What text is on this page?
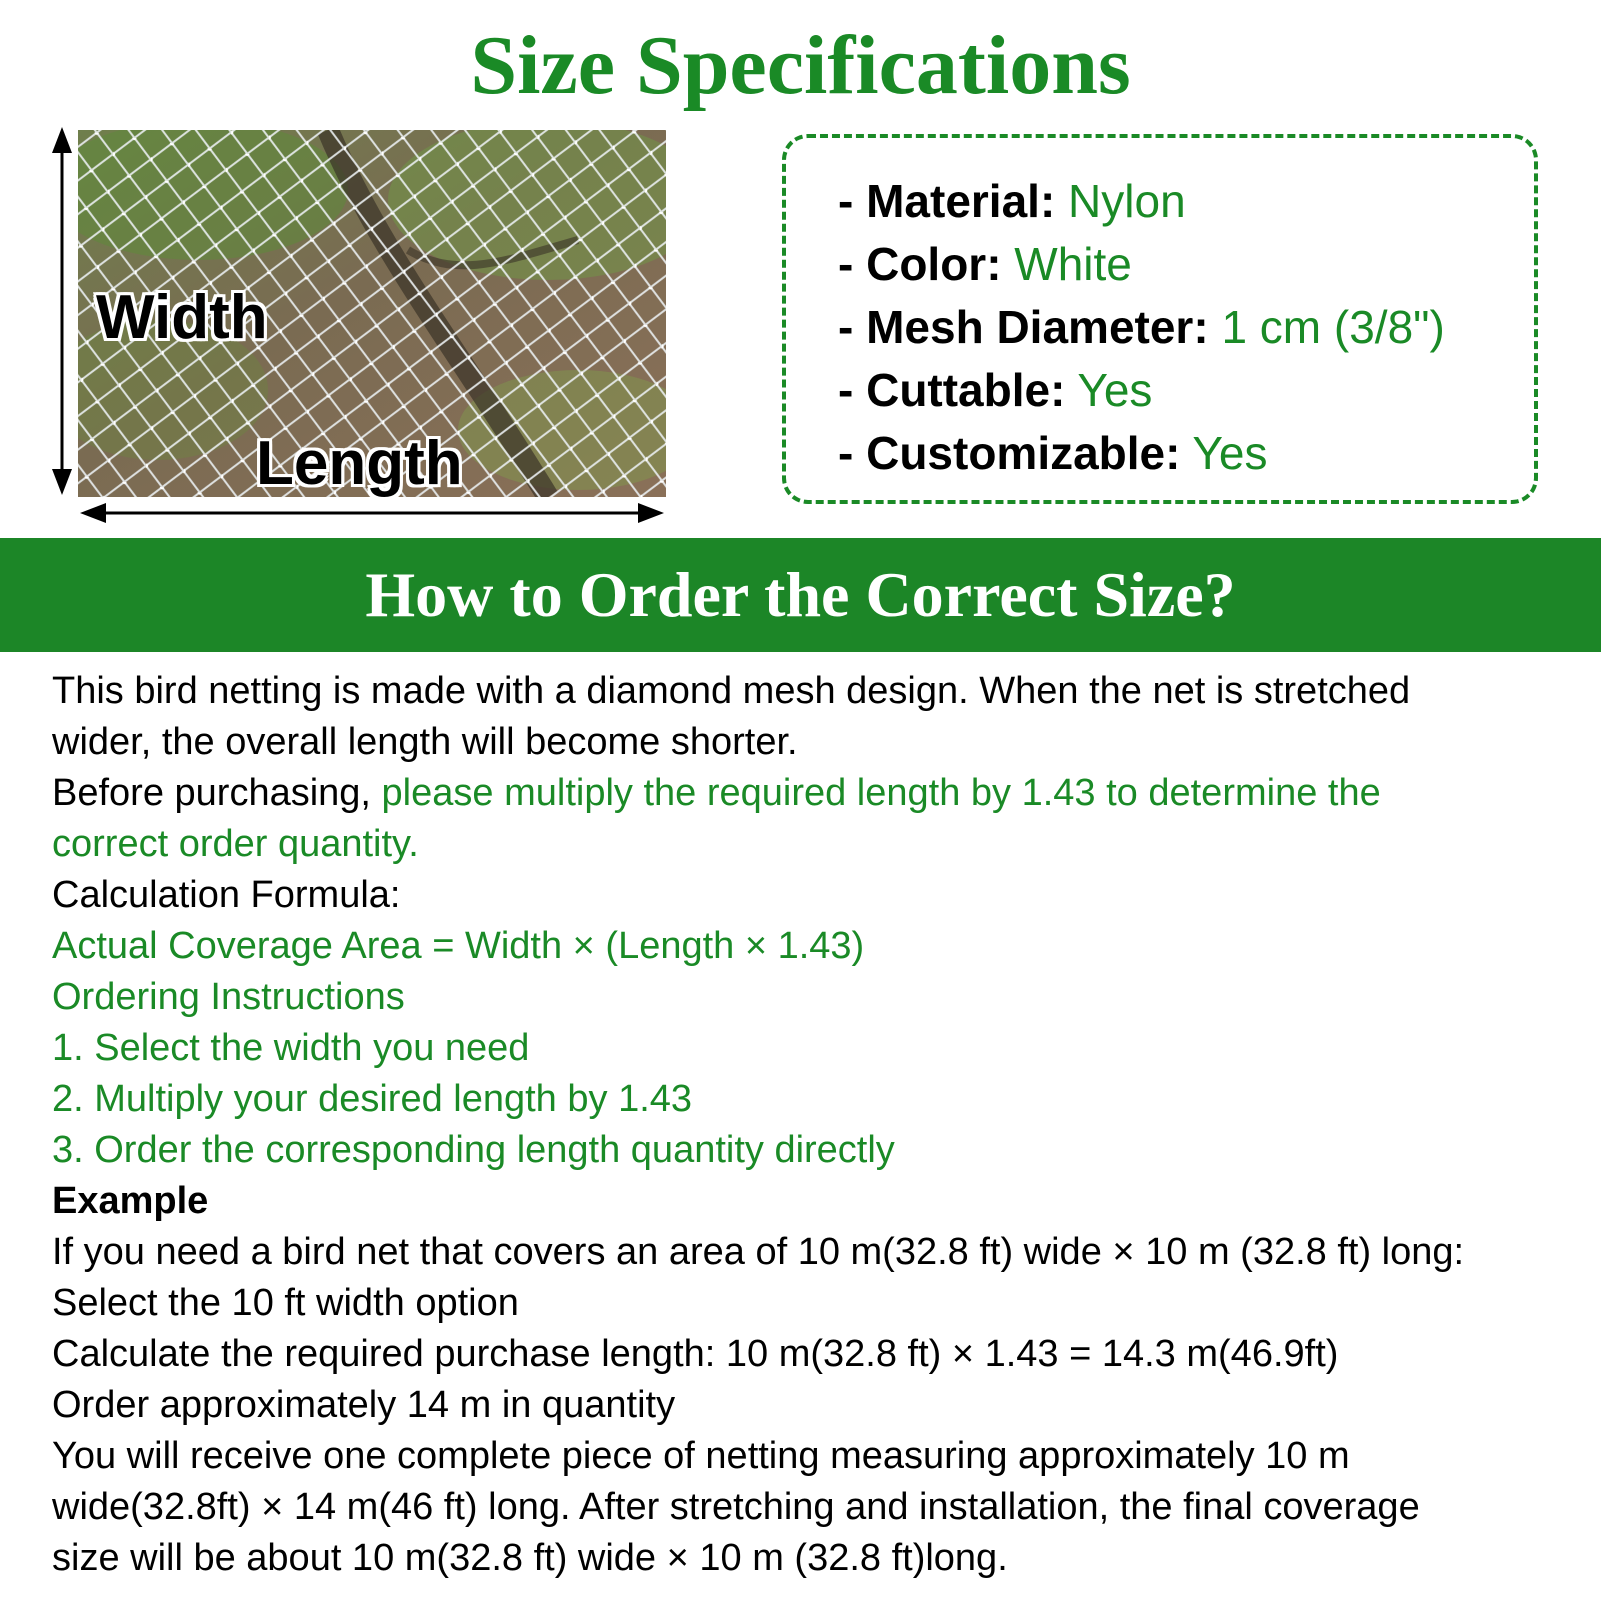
Size Specifications
Width
Length
- Material: Nylon
- Color: White
- Mesh Diameter: 1 cm (3/8")
- Cuttable: Yes
- Customizable: Yes
How to Order the Correct Size?

This bird netting is made with a diamond mesh design. When the net is stretched

wider, the overall length will become shorter.

Before purchasing, please multiply the required length by 1.43 to determine the

correct order quantity.

Calculation Formula:

Actual Coverage Area = Width × (Length × 1.43)

Ordering Instructions

1. Select the width you need

2. Multiply your desired length by 1.43

3. Order the corresponding length quantity directly

Example

If you need a bird net that covers an area of 10 m(32.8 ft) wide × 10 m (32.8 ft) long:

Select the 10 ft width option

Calculate the required purchase length: 10 m(32.8 ft) × 1.43 = 14.3 m(46.9ft)

Order approximately 14 m in quantity

You will receive one complete piece of netting measuring approximately 10 m

wide(32.8ft) × 14 m(46 ft) long. After stretching and installation, the final coverage

size will be about 10 m(32.8 ft) wide × 10 m (32.8 ft)long.
